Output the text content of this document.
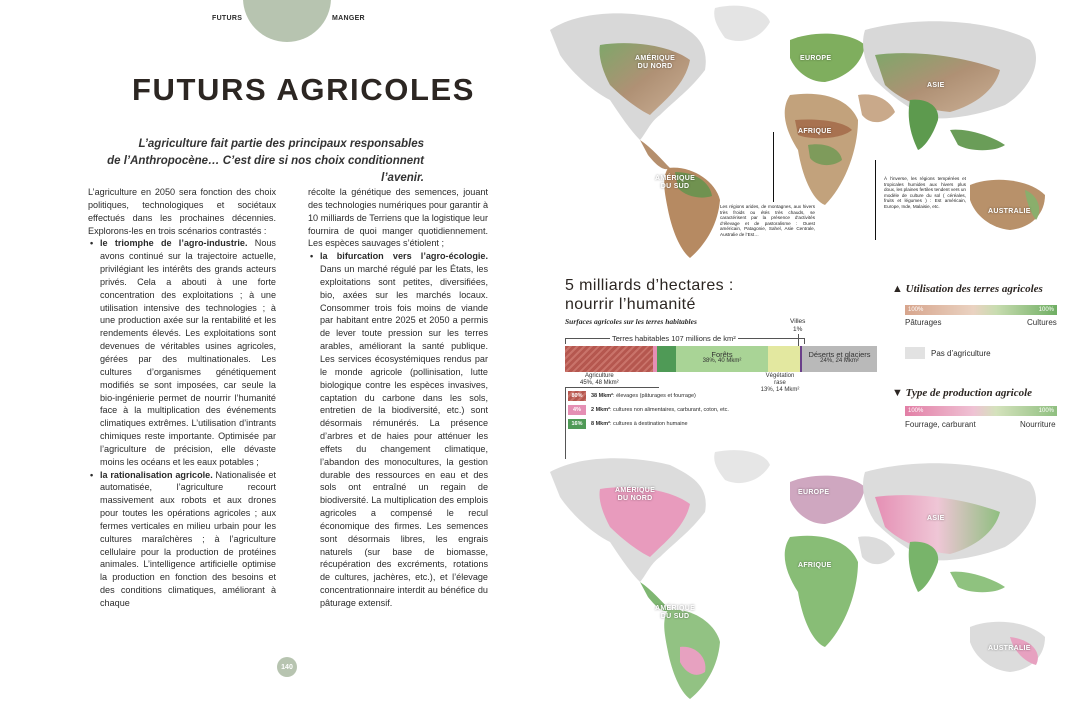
FUTURS	MANGER
FUTURS AGRICOLES
L’agriculture fait partie des principaux responsables
de l’Anthropocène… C’est dire si nos choix conditionnent l’avenir.

L’agriculture en 2050 sera fonction des choix politiques, technologiques et sociétaux effectués dans les prochaines décennies. Explorons-les en trois scénarios contrastés :

• le triomphe de l’agro-industrie. Nous avons continué sur la trajectoire actuelle, privilégiant les intérêts des grands acteurs privés. Cela a abouti à une forte concentration des exploitations ; à une utilisation intensive des technologies ; à une production axée sur la rentabilité et les rendements élevés. Les exploitations sont devenues de véritables usines agricoles, gérées par des multinationales. Les cultures d’organismes génétiquement modifiés se sont imposées, car seule la bio-ingénierie permet de nourrir l’humanité face à la multiplication des événements climatiques extrêmes. L’utilisation d’intrants chimiques reste importante. Optimisée par l’agriculture de précision, elle dévaste moins les océans et les eaux potables ;
• la rationalisation agricole. Nationalisée et automatisée, l’agriculture recourt massivement aux robots et aux drones pour toutes les opérations agricoles ; aux fermes verticales en milieu urbain pour les cultures maraîchères ; à l’agriculture cellulaire pour la production de protéines animales. L’intelligence artificielle optimise la production en fonction des besoins et des conditions climatiques, améliorant à chaque

récolte la génétique des semences, jouant des technologies numériques pour garantir à 10 milliards de Terriens que la logistique leur fournira de quoi manger quotidiennement. Les espèces sauvages s’étiolent ;

• la bifurcation vers l’agro-écologie. Dans un marché régulé par les États, les exploitations sont petites, diversifiées, bio, axées sur les marchés locaux. Consommer trois fois moins de viande par habitant entre 2025 et 2050 a permis de lever toute pression sur les terres arables, améliorant la santé publique. Les services écosystémiques rendus par le monde agricole (pollinisation, lutte biologique contre les espèces invasives, captation du carbone dans les sols, entretien de la biodiversité, etc.) sont désormais rémunérés. La présence d’arbres et de haies pour atténuer les effets du changement climatique, l’abandon des monocultures, la gestion durable des ressources en eau et des sols ont entraîné un regain de biodiversité. La multiplication des emplois agricoles a compensé le recul économique des firmes. Les semences sont désormais libres, les engrais naturels (sur base de biomasse, récupération des excréments, rotations de cultures, jachères, etc.), et l’élevage concentrationnaire interdit au bénéfice du pâturage extensif.
140
AMÉRIQUE
DU NORD
EUROPE
ASIE
AFRIQUE
AMÉRIQUE
DU SUD
AUSTRALIE
Les régions arides, de montagnes, aux hivers très froids ou étés très chauds, se caractérisent par la présence d’activités d’élevage et de pastoralisme : Ouest américain, Patagonie, Sahel, Asie Centrale, Australie de l’Est…
À l’inverse, les régions tempérées et tropicales humides aux hivers plus doux, les plaines fertiles tendent vers un modèle de culture du sol ( céréales, fruits et légumes ) : Est américain, Europe, Inde, Malaisie, etc.
5 milliards d’hectares :
nourrir l’humanité
Surfaces agricoles sur les terres habitables
Terres habitables 107 millions de km²
Villes
1%
Forêts
38%, 40 Mkm²
Déserts et glaciers
24%, 24 Mkm²
Végétation rase
13%, 14 Mkm²
Agriculture
45%, 48 Mkm²
80%	38 Mkm² : élevages (pâturages et fourrage)
4%	2 Mkm² : cultures non alimentaires, carburant, coton, etc.
16%	8 Mkm² : cultures à destination humaine
▲ Utilisation des terres agricoles
100%	100%
Pâturages	Cultures
Pas d’agriculture
▼ Type de production agricole
100%	100%
Fourrage, carburant	Nourriture
AMÉRIQUE
DU NORD
EUROPE
ASIE
AFRIQUE
AMÉRIQUE
DU SUD
AUSTRALIE
